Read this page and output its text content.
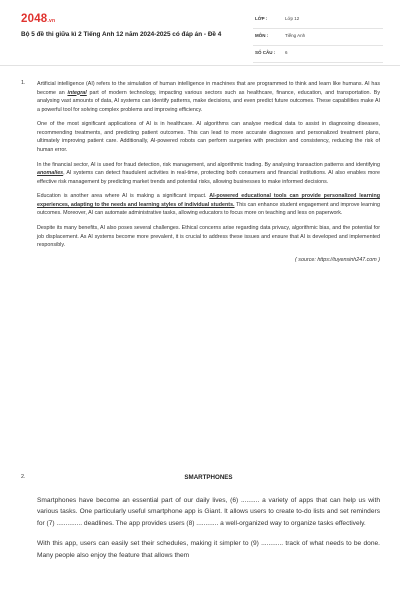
2048.vn
Bộ 5 đề thi giữa kì 2 Tiếng Anh 12 năm 2024-2025 có đáp án - Đề 4
LỚP :	Lớp 12
MÔN :	Tiếng Anh
SỐ CÂU : 6
1. Artificial intelligence (AI) refers to the simulation of human intelligence in machines that are programmed to think and learn like humans. AI has become an integral part of modern technology, impacting various sectors such as healthcare, finance, education, and transportation. By analysing vast amounts of data, AI systems can identify patterns, make decisions, and even predict future outcomes. These capabilities make AI a powerful tool for solving complex problems and improving efficiency.

One of the most significant applications of AI is in healthcare. AI algorithms can analyse medical data to assist in diagnosing diseases, recommending treatments, and predicting patient outcomes. This can lead to more accurate diagnoses and personalized treatment plans, ultimately improving patient care. Additionally, AI-powered robots can perform surgeries with precision and consistency, reducing the risk of human error.

In the financial sector, AI is used for fraud detection, risk management, and algorithmic trading. By analysing transaction patterns and identifying anomalies, AI systems can detect fraudulent activities in real-time, protecting both consumers and financial institutions. AI also enables more effective risk management by predicting market trends and potential risks, allowing businesses to make informed decisions.

Education is another area where AI is making a significant impact. AI-powered educational tools can provide personalized learning experiences, adapting to the needs and learning styles of individual students. This can enhance student engagement and improve learning outcomes. Moreover, AI can automate administrative tasks, allowing educators to focus more on teaching and less on paperwork.

Despite its many benefits, AI also poses several challenges. Ethical concerns arise regarding data privacy, algorithmic bias, and the potential for job displacement. As AI systems become more prevalent, it is crucial to address these issues and ensure that AI is developed and implemented responsibly.

( source: https://tuyensinh247.com )

2.	SMARTPHONES

Smartphones have become an essential part of our daily lives, (6) .......... a variety of apps that can help us with various tasks. One particularly useful smartphone app is Giant. It allows users to create to-do lists and set reminders for (7) .............. deadlines. The app provides users (8) ............ a well-organized way to organize tasks effectively.

With this app, users can easily set their schedules, making it simpler to (9) ............ track of what needs to be done. Many people also enjoy the feature that allows them
